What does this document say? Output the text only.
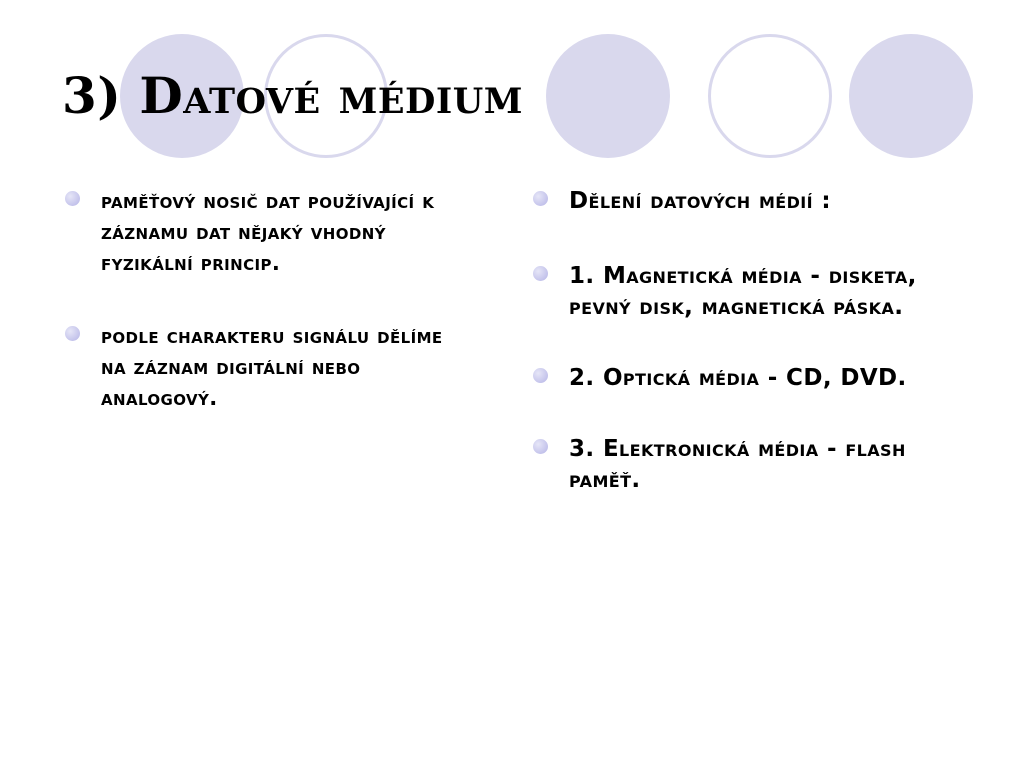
3) Datové médium
paměťový nosič dat používající k záznamu dat nějaký vhodný fyzikální princip.
podle charakteru signálu dělíme na záznam digitální nebo analogový.
Dělení datových médií :
1. Magnetická média - disketa, pevný disk, magnetická páska.
2. Optická média - CD, DVD.
3. Elektronická média - flash paměť.
